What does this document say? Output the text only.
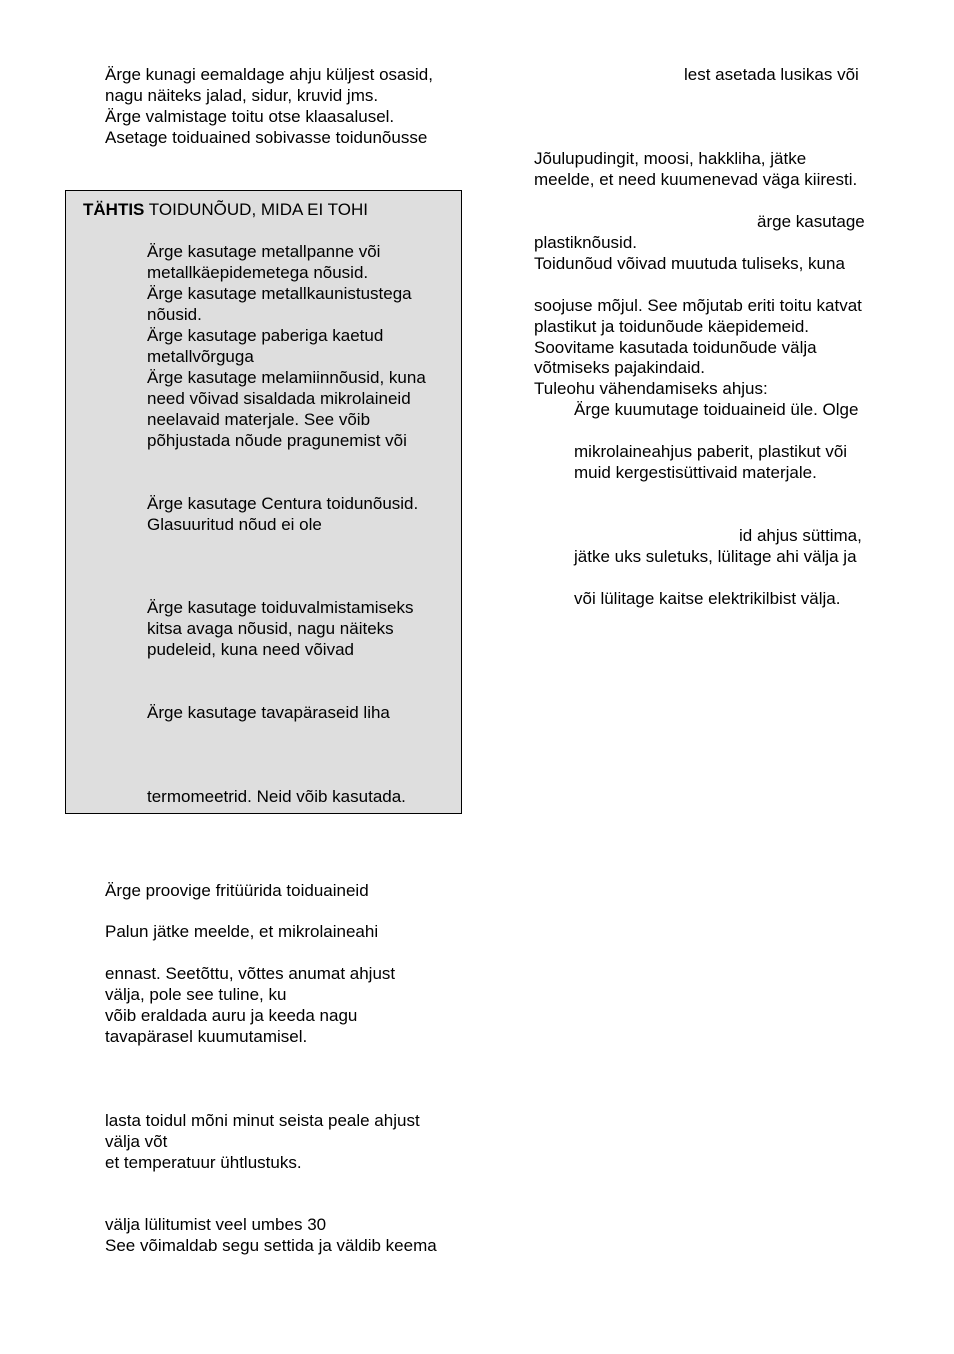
Ärge kunagi eemaldage ahju küljest osasid,
nagu näiteks jalad, sidur, kruvid jms.
Ärge valmistage toitu otse klaasalusel.
Asetage toiduained sobivasse toidunõusse
TÄHTIS TOIDUNÕUD, MIDA EI TOHI
Ärge kasutage metallpanne või
metallkäepidemetega nõusid.
Ärge kasutage metallkaunistustega
nõusid.
Ärge kasutage paberiga kaetud
metallvõrguga
Ärge kasutage melamiinnõusid, kuna
need võivad sisaldada mikrolaineid
neelavaid materjale. See võib
põhjustada nõude pragunemist või
Ärge kasutage Centura toidunõusid.
Glasuuritud nõud ei ole
Ärge kasutage toiduvalmistamiseks
kitsa avaga nõusid, nagu näiteks
pudeleid, kuna need võivad
Ärge kasutage tavapäraseid liha
termomeetrid. Neid võib kasutada.
Ärge proovige fritüürida toiduaineid
Palun jätke meelde, et mikrolaineahi
ennast. Seetõttu, võttes anumat ahjust
välja, pole see tuline, ku
võib eraldada auru ja keeda nagu
tavapärasel kuumutamisel.
lasta toidul mõni minut seista peale ahjust
välja võt
et temperatuur ühtlustuks.
välja lülitumist veel umbes 30
See võimaldab segu settida ja väldib keema
lest asetada lusikas või
Jõulupudingit, moosi, hakkliha, jätke
meelde, et need kuumenevad väga kiiresti.
ärge kasutage
plastiknõusid.
Toidunõud võivad muutuda tuliseks, kuna
soojuse mõjul. See mõjutab eriti toitu katvat
plastikut ja toidunõude käepidemeid.
Soovitame kasutada toidunõude välja
võtmiseks pajakindaid.
Tuleohu vähendamiseks ahjus:
Ärge kuumutage toiduaineid üle. Olge
mikrolaineahjus paberit, plastikut või
muid kergestisüttivaid materjale.
id ahjus süttima,
jätke uks suletuks, lülitage ahi välja ja
või lülitage kaitse elektrikilbist välja.
